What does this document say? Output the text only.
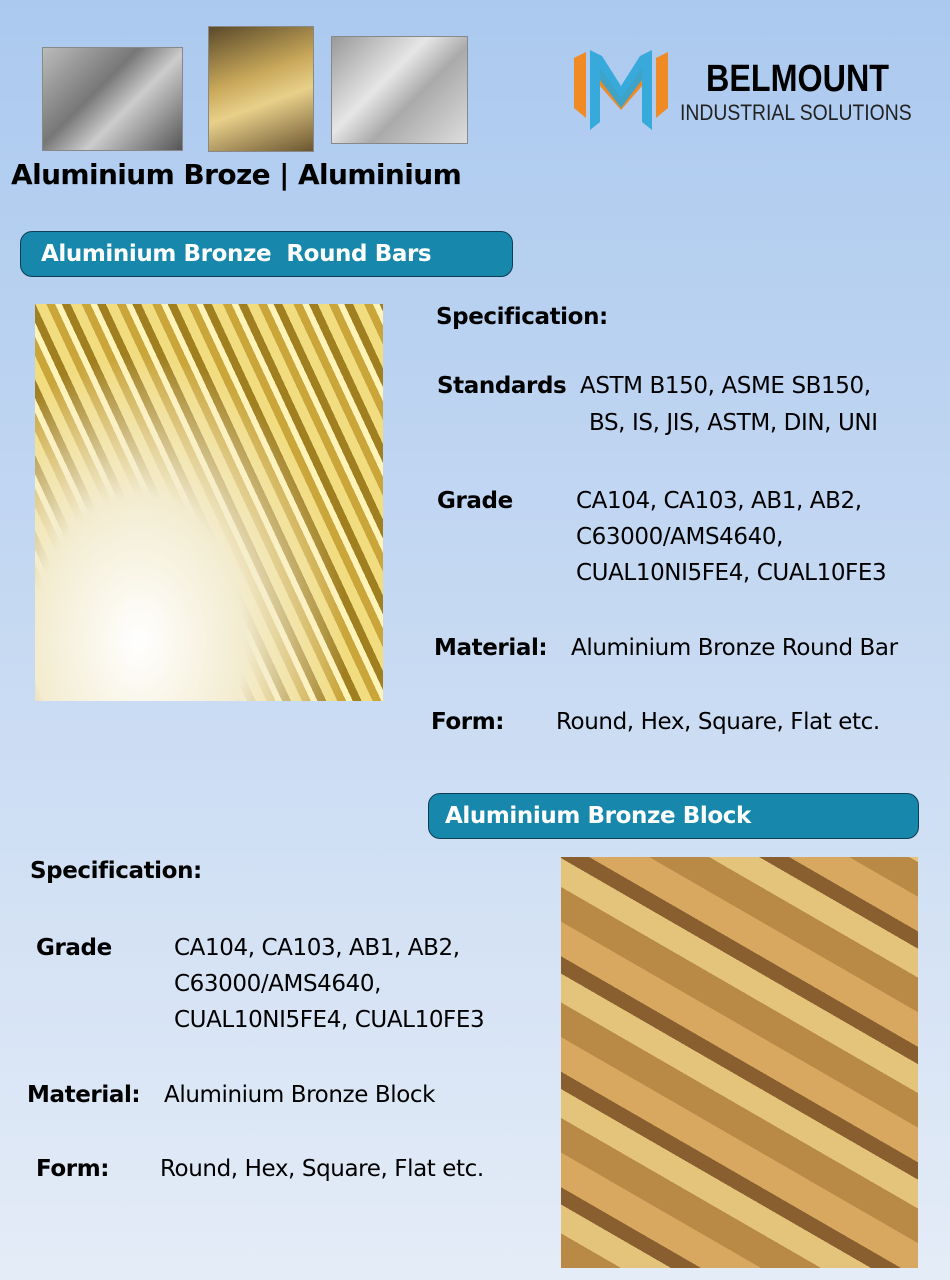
BELMOUNT
INDUSTRIAL SOLUTIONS
Aluminium Broze | Aluminium
Aluminium Bronze  Round Bars
Specification:
Standards ASTM B150, ASME SB150,
BS, IS, JIS, ASTM, DIN, UNI
Grade	CA104, CA103, AB1, AB2,
C63000/AMS4640,
CUAL10NI5FE4, CUAL10FE3
Material: Aluminium Bronze Round Bar
Form: Round, Hex, Square, Flat etc.
Aluminium Bronze Block
Specification:
Grade	CA104, CA103, AB1, AB2,
C63000/AMS4640,
CUAL10NI5FE4, CUAL10FE3
Material: Aluminium Bronze Block
Form: Round, Hex, Square, Flat etc.
